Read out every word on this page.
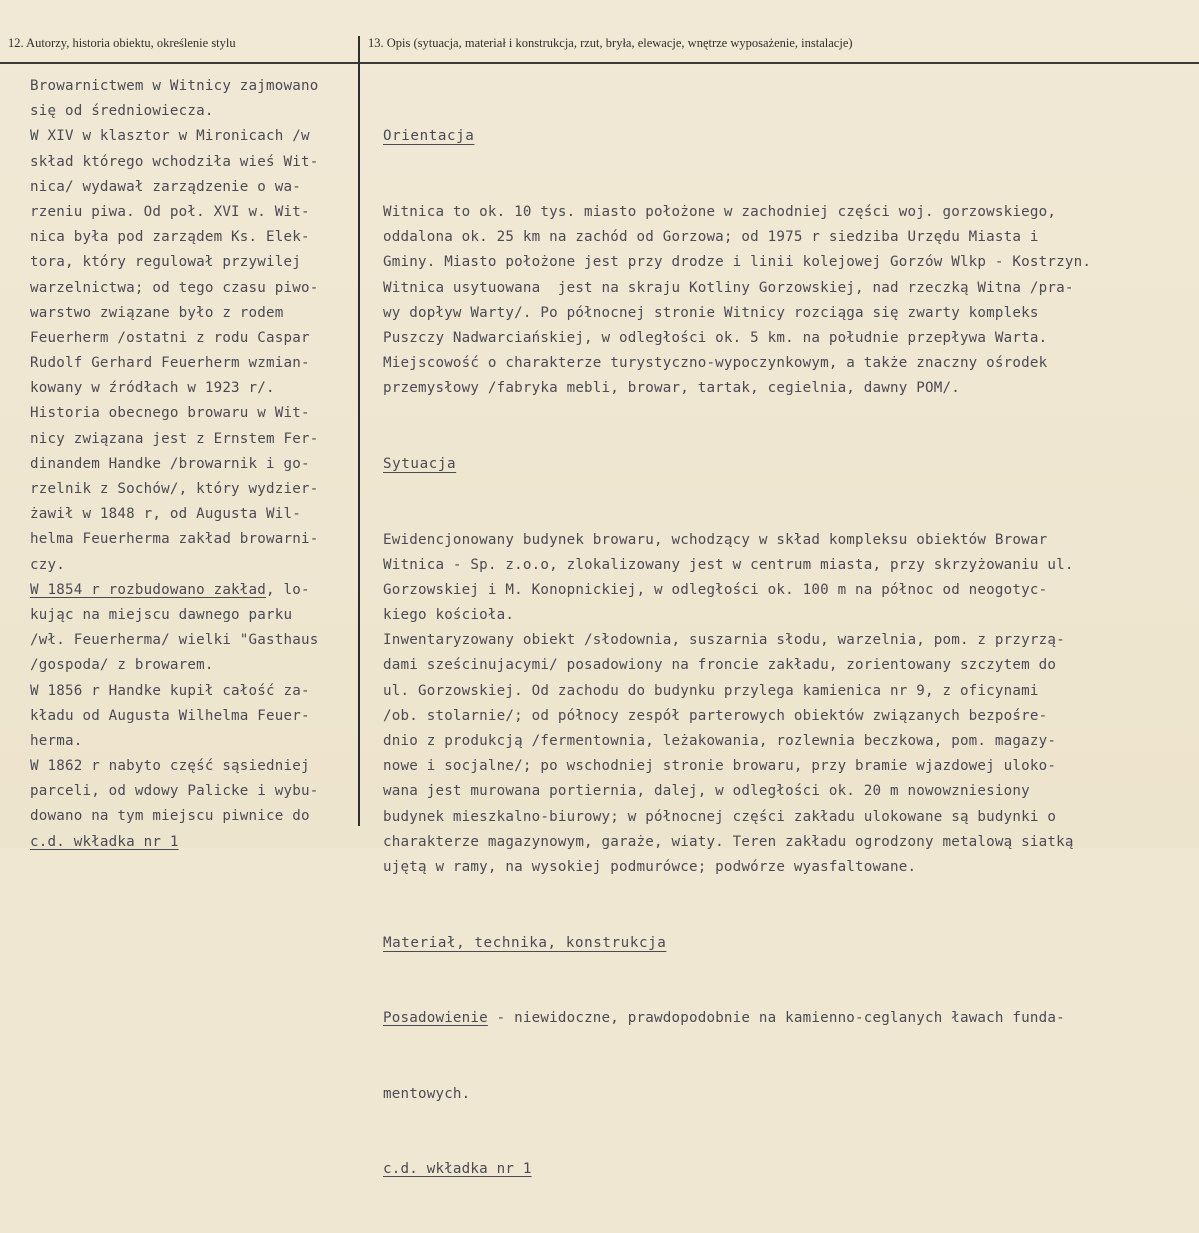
12. Autorzy, historia obiektu, określenie stylu	13. Opis (sytuacja, materiał i konstrukcja, rzut, bryła, elewacje, wnętrze wyposażenie, instalacje)
Browarnictwem w Witnicy zajmowano
się od średniowiecza.
W XIV w klasztor w Mironicach /w
skład którego wchodziła wieś Wit-
nica/ wydawał zarządzenie o wa-
rzeniu piwa. Od poł. XVI w. Wit-
nica była pod zarządem Ks. Elek-
tora, który regulował przywilej
warzelnictwa; od tego czasu piwo-
warstwo związane było z rodem
Feuerherm /ostatni z rodu Caspar
Rudolf Gerhard Feuerherm wzmian-
kowany w źródłach w 1923 r/.
Historia obecnego browaru w Wit-
nicy związana jest z Ernstem Fer-
dinandem Handke /browarnik i go-
rzelnik z Sochów/, który wydzier-
żawił w 1848 r, od Augusta Wil-
helma Feuerherma zakład browarni-
czy.
W 1854 r rozbudowano zakład, lo-
kując na miejscu dawnego parku
/wł. Feuerherma/ wielki "Gasthaus
/gospoda/ z browarem.
W 1856 r Handke kupił całość za-
kładu od Augusta Wilhelma Feuer-
herma.
W 1862 r nabyto część sąsiedniej
parceli, od wdowy Palicke i wybu-
dowano na tym miejscu piwnice do
c.d. wkładka nr 1

Orientacja

Witnica to ok. 10 tys. miasto położone w zachodniej części woj. gorzowskiego,
oddalona ok. 25 km na zachód od Gorzowa; od 1975 r siedziba Urzędu Miasta i
Gminy. Miasto położone jest przy drodze i linii kolejowej Gorzów Wlkp - Kostrzyn.
Witnica usytuowana  jest na skraju Kotliny Gorzowskiej, nad rzeczką Witna /pra-
wy dopływ Warty/. Po północnej stronie Witnicy rozciąga się zwarty kompleks
Puszczy Nadwarciańskiej, w odległości ok. 5 km. na południe przepływa Warta.
Miejscowość o charakterze turystyczno-wypoczynkowym, a także znaczny ośrodek
przemysłowy /fabryka mebli, browar, tartak, cegielnia, dawny POM/.

Sytuacja

Ewidencjonowany budynek browaru, wchodzący w skład kompleksu obiektów Browar
Witnica - Sp. z.o.o, zlokalizowany jest w centrum miasta, przy skrzyżowaniu ul.
Gorzowskiej i M. Konopnickiej, w odległości ok. 100 m na północ od neogotyc-
kiego kościoła.
Inwentaryzowany obiekt /słodownia, suszarnia słodu, warzelnia, pom. z przyrzą-
dami sześcinujacymi/ posadowiony na froncie zakładu, zorientowany szczytem do
ul. Gorzowskiej. Od zachodu do budynku przylega kamienica nr 9, z oficynami
/ob. stolarnie/; od północy zespół parterowych obiektów związanych bezpośre-
dnio z produkcją /fermentownia, leżakowania, rozlewnia beczkowa, pom. magazy-
nowe i socjalne/; po wschodniej stronie browaru, przy bramie wjazdowej uloko-
wana jest murowana portiernia, dalej, w odległości ok. 20 m nowowzniesiony
budynek mieszkalno-biurowy; w północnej części zakładu ulokowane są budynki o
charakterze magazynowym, garaże, wiaty. Teren zakładu ogrodzony metalową siatką
ujętą w ramy, na wysokiej podmurówce; podwórze wyasfaltowane.

Materiał, technika, konstrukcja

Posadowienie - niewidoczne, prawdopodobnie na kamienno-ceglanych ławach funda-

mentowych.

c.d. wkładka nr 1
